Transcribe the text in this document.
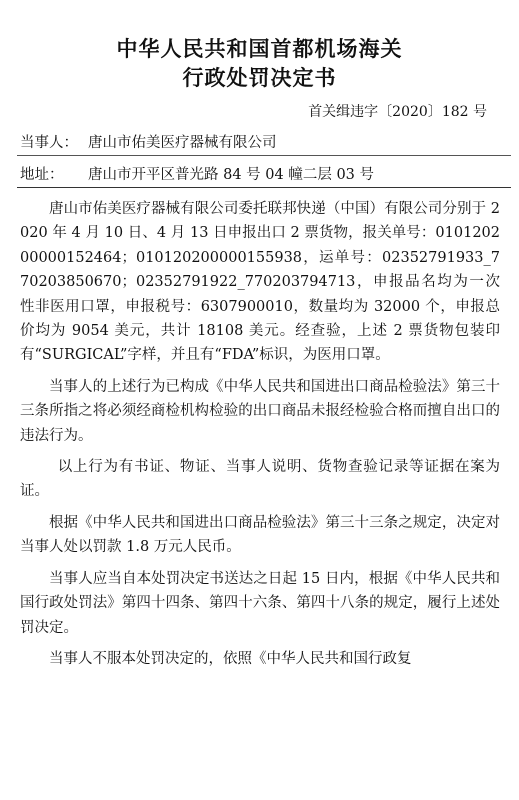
中华人民共和国首都机场海关
行政处罚决定书
首关缉违字〔2020〕182 号
当事人： 唐山市佑美医疗器械有限公司
地址：	唐山市开平区普光路 84 号 04 幢二层 03 号

唐山市佑美医疗器械有限公司委托联邦快递（中国）有限公司分别于 2020 年 4 月 10 日、4 月 13 日申报出口 2 票货物，报关单号：010120200000152464；010120200000155938，运单号：02352791933_770203850670；02352791922_770203794713，申报品名均为一次性非医用口罩，申报税号：6307900010，数量均为 32000 个，申报总价均为 9054 美元，共计 18108 美元。经查验，上述 2 票货物包装印有“SURGICAL”字样，并且有“FDA”标识，为医用口罩。

当事人的上述行为已构成《中华人民共和国进出口商品检验法》第三十三条所指之将必须经商检机构检验的出口商品未报经检验合格而擅自出口的违法行为。

以上行为有书证、物证、当事人说明、货物查验记录等证据在案为证。

根据《中华人民共和国进出口商品检验法》第三十三条之规定，决定对当事人处以罚款 1.8 万元人民币。

当事人应当自本处罚决定书送达之日起 15 日内，根据《中华人民共和国行政处罚法》第四十四条、第四十六条、第四十八条的规定，履行上述处罚决定。

当事人不服本处罚决定的，依照《中华人民共和国行政复
